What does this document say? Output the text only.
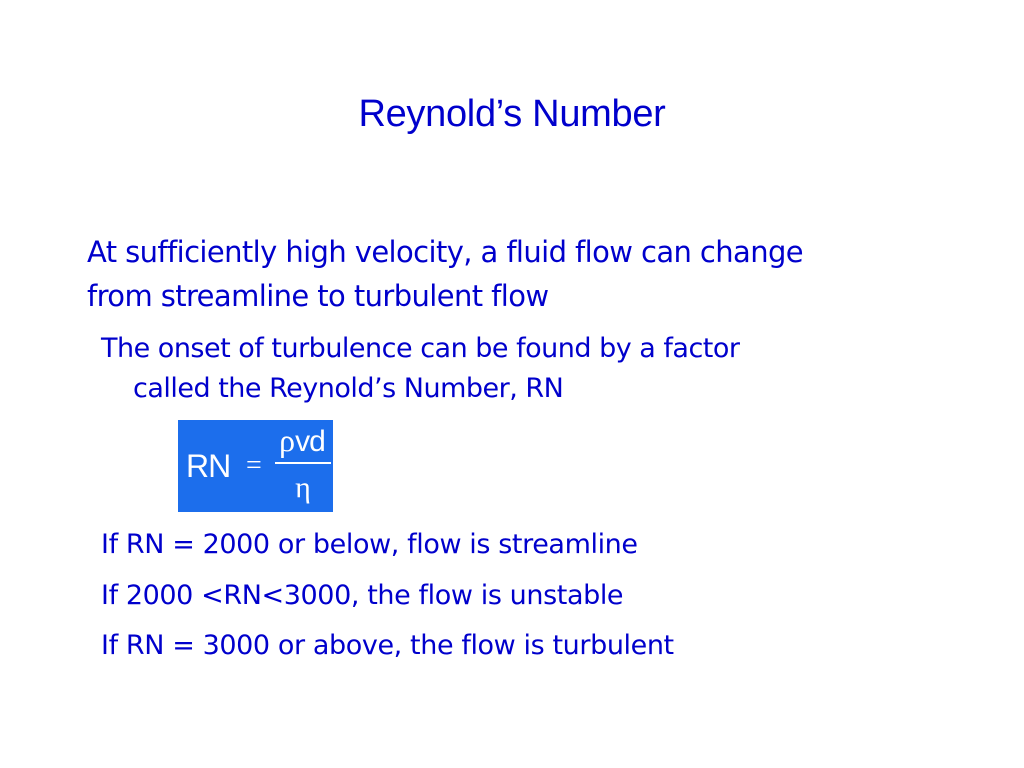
Reynold’s Number
At sufficiently high velocity, a fluid flow can change
from streamline to turbulent flow
The onset of turbulence can be found by a factor
called the Reynold’s Number, RN
RN =
ρvd
η
If RN = 2000 or below, flow is streamline
If 2000 <RN<3000, the flow is unstable
If RN = 3000 or above, the flow is turbulent
